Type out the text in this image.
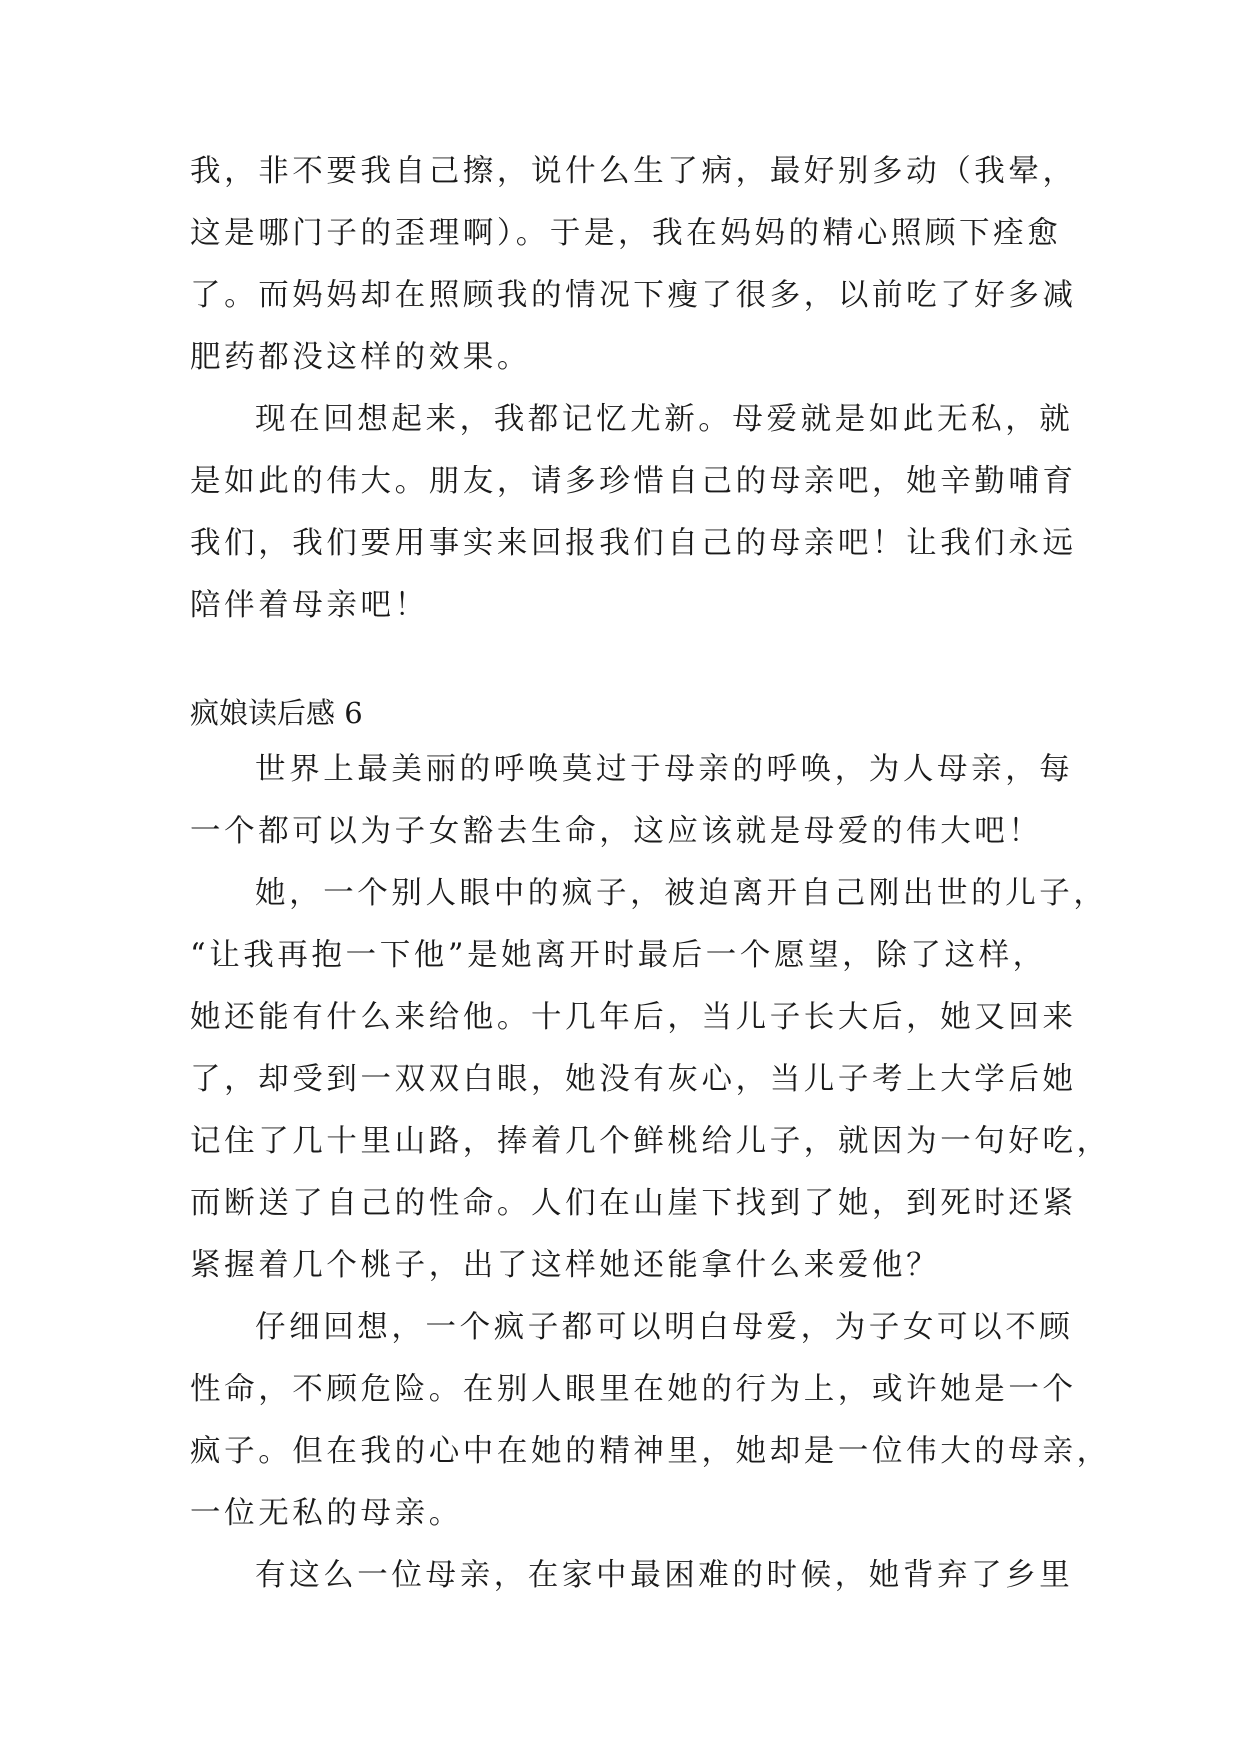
我，非不要我自己擦，说什么生了病，最好别多动（我晕，
这是哪门子的歪理啊）。于是，我在妈妈的精心照顾下痊愈
了。而妈妈却在照顾我的情况下瘦了很多，以前吃了好多减
肥药都没这样的效果。
现在回想起来，我都记忆尤新。母爱就是如此无私，就
是如此的伟大。朋友，请多珍惜自己的母亲吧，她辛勤哺育
我们，我们要用事实来回报我们自己的母亲吧！让我们永远
陪伴着母亲吧！
疯娘读后感 6
世界上最美丽的呼唤莫过于母亲的呼唤，为人母亲，每
一个都可以为子女豁去生命，这应该就是母爱的伟大吧！
她，一个别人眼中的疯子，被迫离开自己刚出世的儿子，
“让我再抱一下他”是她离开时最后一个愿望，除了这样，
她还能有什么来给他。十几年后，当儿子长大后，她又回来
了，却受到一双双白眼，她没有灰心，当儿子考上大学后她
记住了几十里山路，捧着几个鲜桃给儿子，就因为一句好吃，
而断送了自己的性命。人们在山崖下找到了她，到死时还紧
紧握着几个桃子，出了这样她还能拿什么来爱他？
仔细回想，一个疯子都可以明白母爱，为子女可以不顾
性命，不顾危险。在别人眼里在她的行为上，或许她是一个
疯子。但在我的心中在她的精神里，她却是一位伟大的母亲，
一位无私的母亲。
有这么一位母亲，在家中最困难的时候，她背弃了乡里
